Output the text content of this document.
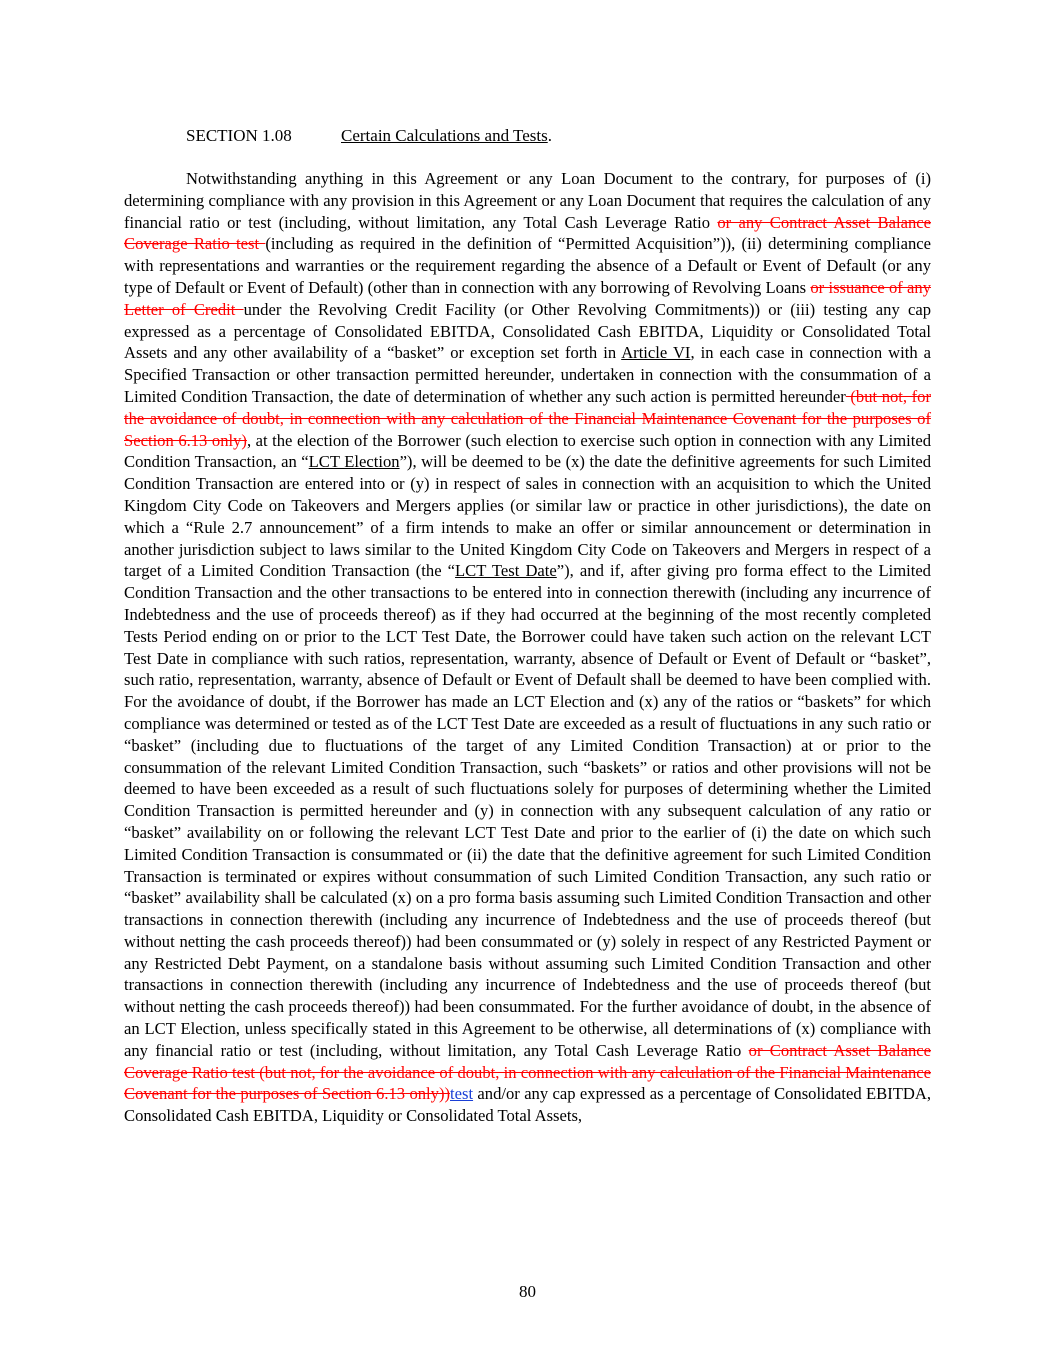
SECTION 1.08	Certain Calculations and Tests.

Notwithstanding anything in this Agreement or any Loan Document to the contrary, for purposes of (i) determining compliance with any provision in this Agreement or any Loan Document that requires the calculation of any financial ratio or test (including, without limitation, any Total Cash Leverage Ratio or any Contract Asset Balance Coverage Ratio test (including as required in the definition of “Permitted Acquisition”)), (ii) determining compliance with representations and warranties or the requirement regarding the absence of a Default or Event of Default (or any type of Default or Event of Default) (other than in connection with any borrowing of Revolving Loans or issuance of any Letter of Credit under the Revolving Credit Facility (or Other Revolving Commitments)) or (iii) testing any cap expressed as a percentage of Consolidated EBITDA, Consolidated Cash EBITDA, Liquidity or Consolidated Total Assets and any other availability of a “basket” or exception set forth in Article VI, in each case in connection with a Specified Transaction or other transaction permitted hereunder, undertaken in connection with the consummation of a Limited Condition Transaction, the date of determination of whether any such action is permitted hereunder (but not, for the avoidance of doubt, in connection with any calculation of the Financial Maintenance Covenant for the purposes of Section 6.13 only), at the election of the Borrower (such election to exercise such option in connection with any Limited Condition Transaction, an “LCT Election”), will be deemed to be (x) the date the definitive agreements for such Limited Condition Transaction are entered into or (y) in respect of sales in connection with an acquisition to which the United Kingdom City Code on Takeovers and Mergers applies (or similar law or practice in other jurisdictions), the date on which a “Rule 2.7 announcement” of a firm intends to make an offer or similar announcement or determination in another jurisdiction subject to laws similar to the United Kingdom City Code on Takeovers and Mergers in respect of a target of a Limited Condition Transaction (the “LCT Test Date”), and if, after giving pro forma effect to the Limited Condition Transaction and the other transactions to be entered into in connection therewith (including any incurrence of Indebtedness and the use of proceeds thereof) as if they had occurred at the beginning of the most recently completed Tests Period ending on or prior to the LCT Test Date, the Borrower could have taken such action on the relevant LCT Test Date in compliance with such ratios, representation, warranty, absence of Default or Event of Default or “basket”, such ratio, representation, warranty, absence of Default or Event of Default shall be deemed to have been complied with. For the avoidance of doubt, if the Borrower has made an LCT Election and (x) any of the ratios or “baskets” for which compliance was determined or tested as of the LCT Test Date are exceeded as a result of fluctuations in any such ratio or “basket” (including due to fluctuations of the target of any Limited Condition Transaction) at or prior to the consummation of the relevant Limited Condition Transaction, such “baskets” or ratios and other provisions will not be deemed to have been exceeded as a result of such fluctuations solely for purposes of determining whether the Limited Condition Transaction is permitted hereunder and (y) in connection with any subsequent calculation of any ratio or “basket” availability on or following the relevant LCT Test Date and prior to the earlier of (i) the date on which such Limited Condition Transaction is consummated or (ii) the date that the definitive agreement for such Limited Condition Transaction is terminated or expires without consummation of such Limited Condition Transaction, any such ratio or “basket” availability shall be calculated (x) on a pro forma basis assuming such Limited Condition Transaction and other transactions in connection therewith (including any incurrence of Indebtedness and the use of proceeds thereof (but without netting the cash proceeds thereof)) had been consummated or (y) solely in respect of any Restricted Payment or any Restricted Debt Payment, on a standalone basis without assuming such Limited Condition Transaction and other transactions in connection therewith (including any incurrence of Indebtedness and the use of proceeds thereof (but without netting the cash proceeds thereof)) had been consummated. For the further avoidance of doubt, in the absence of an LCT Election, unless specifically stated in this Agreement to be otherwise, all determinations of (x) compliance with any financial ratio or test (including, without limitation, any Total Cash Leverage Ratio or Contract Asset Balance Coverage Ratio test (but not, for the avoidance of doubt, in connection with any calculation of the Financial Maintenance Covenant for the purposes of Section 6.13 only))test and/or any cap expressed as a percentage of Consolidated EBITDA, Consolidated Cash EBITDA, Liquidity or Consolidated Total Assets,

80
